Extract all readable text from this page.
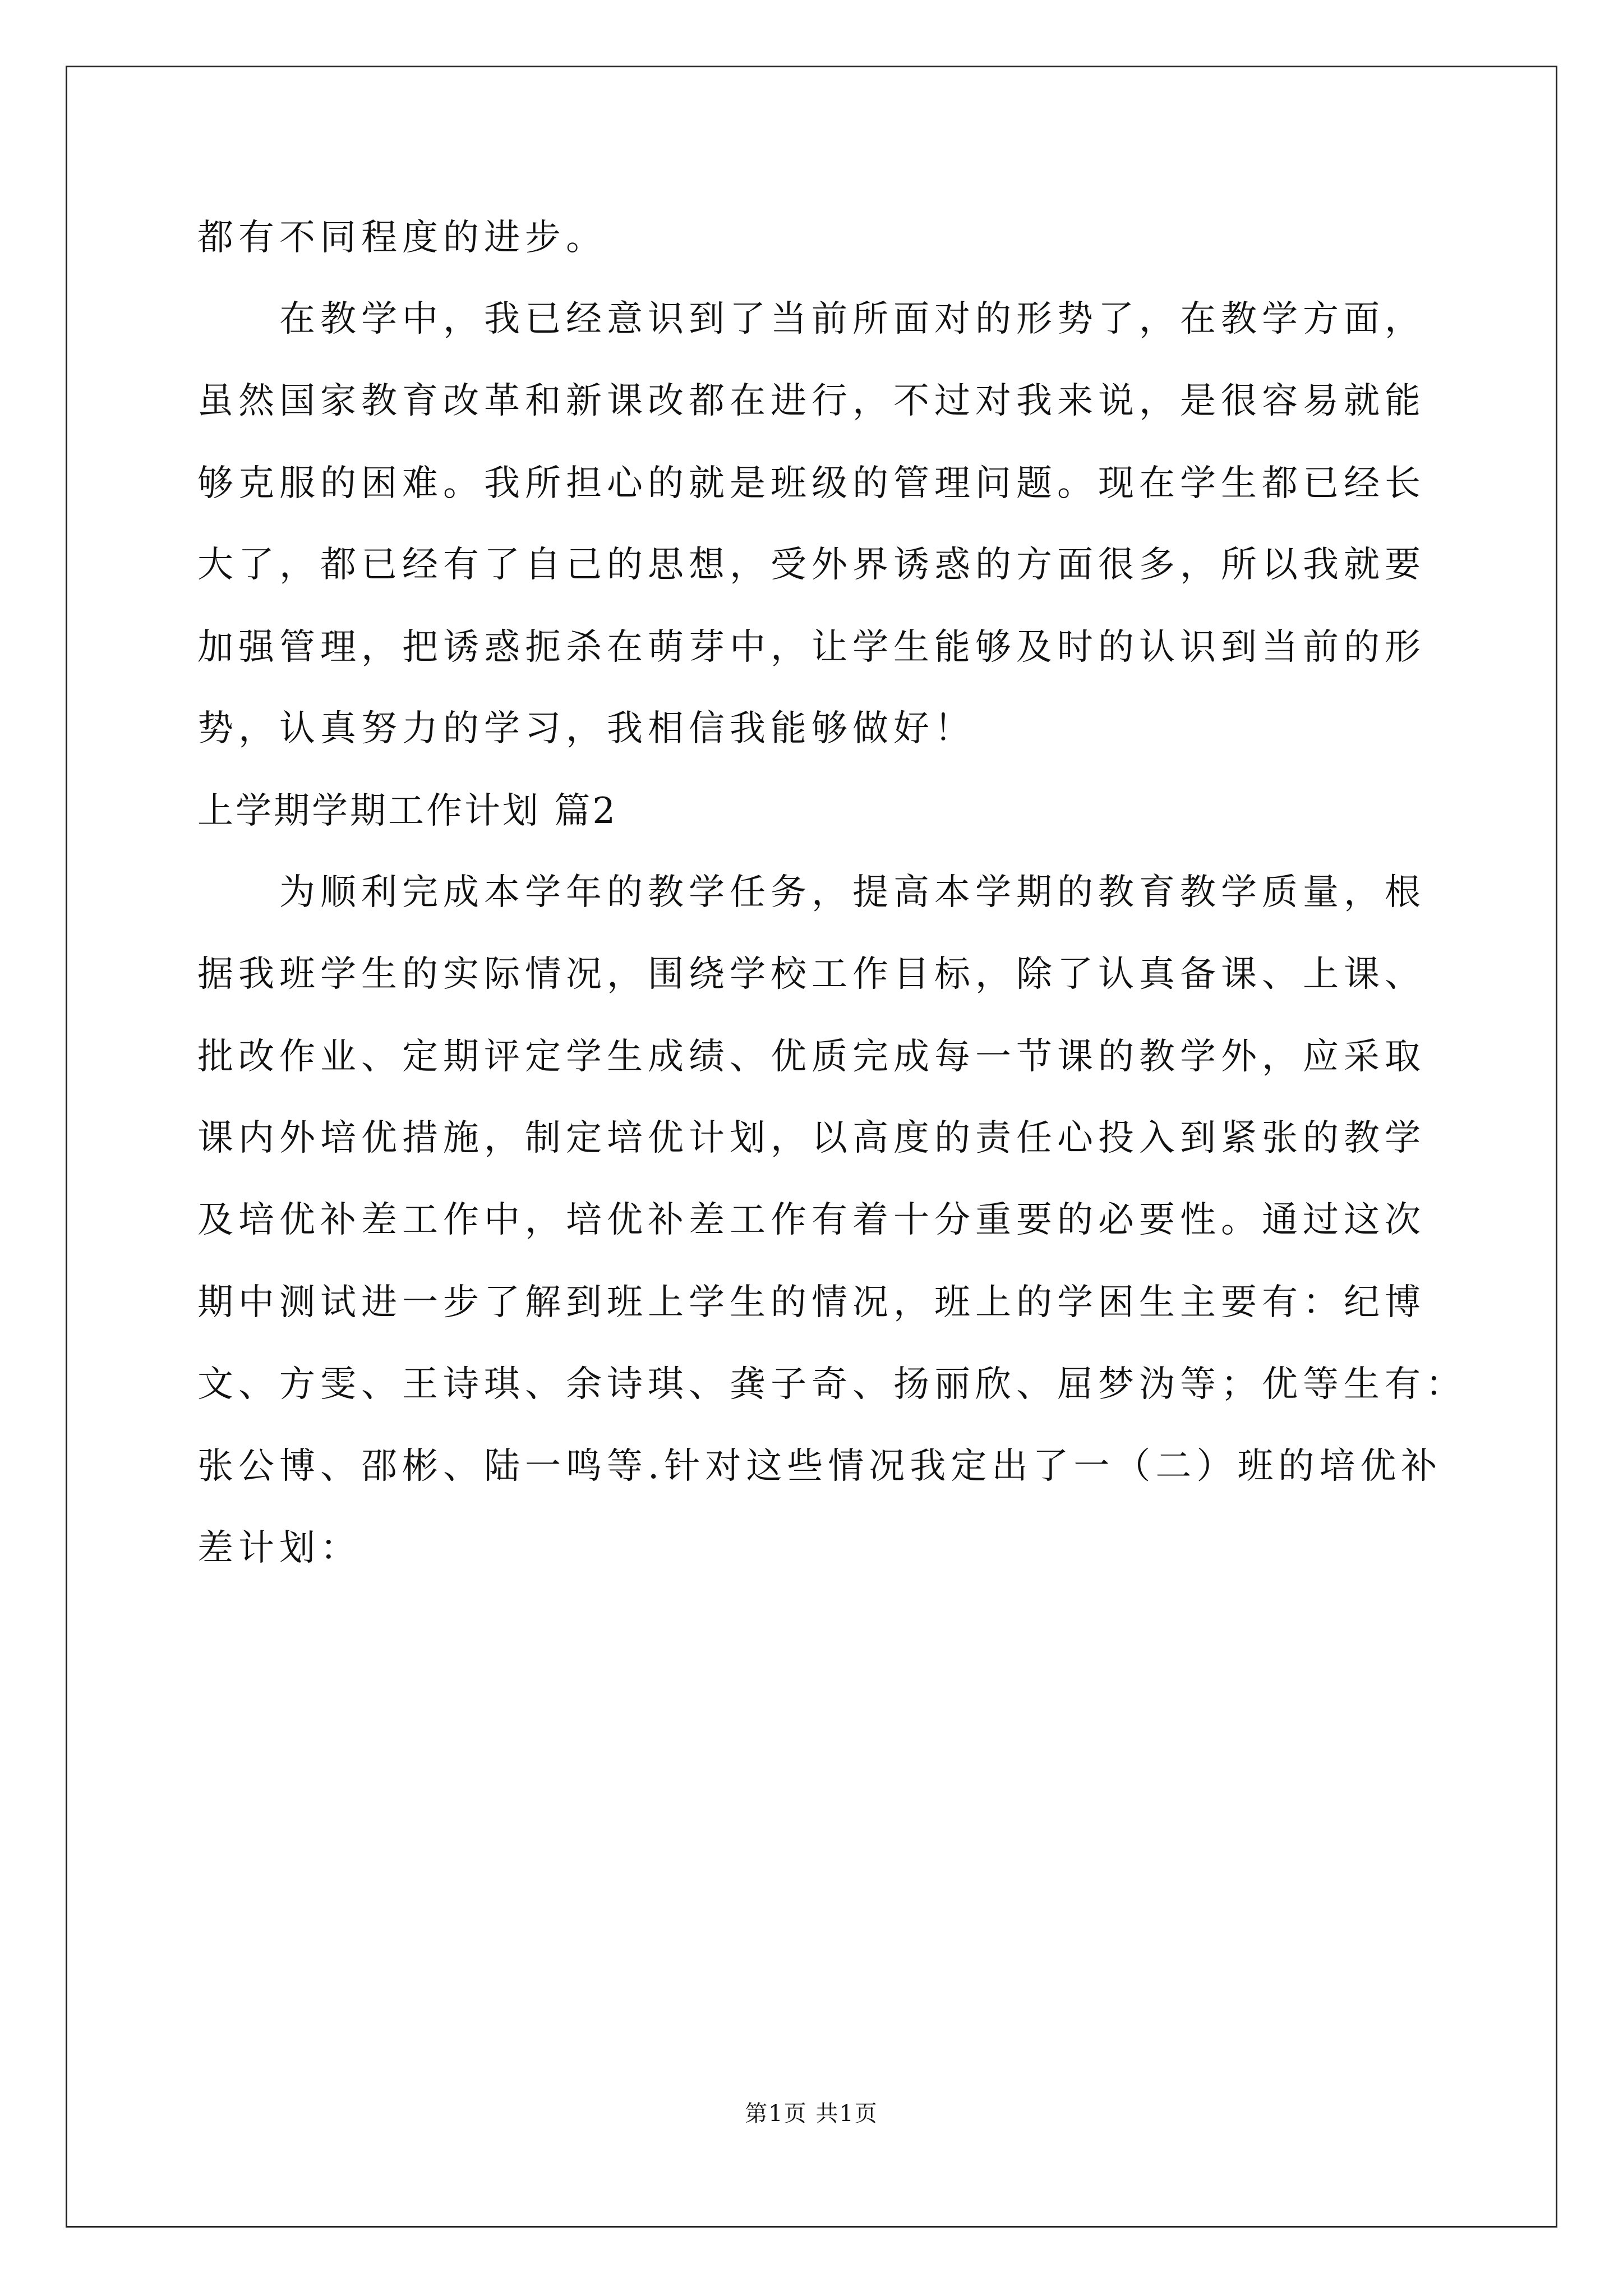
都有不同程度的进步。

在教学中，我已经意识到了当前所面对的形势了，在教学方面，

虽然国家教育改革和新课改都在进行，不过对我来说，是很容易就能

够克服的困难。我所担心的就是班级的管理问题。现在学生都已经长

大了，都已经有了自己的思想，受外界诱惑的方面很多，所以我就要

加强管理，把诱惑扼杀在萌芽中，让学生能够及时的认识到当前的形

势，认真努力的学习，我相信我能够做好！

上学期学期工作计划 篇2

为顺利完成本学年的教学任务，提高本学期的教育教学质量，根

据我班学生的实际情况，围绕学校工作目标，除了认真备课、上课、

批改作业、定期评定学生成绩、优质完成每一节课的教学外，应采取

课内外培优措施，制定培优计划，以高度的责任心投入到紧张的教学

及培优补差工作中，培优补差工作有着十分重要的必要性。通过这次

期中测试进一步了解到班上学生的情况，班上的学困生主要有：纪博

文、方雯、王诗琪、余诗琪、龚子奇、扬丽欣、屈梦沩等；优等生有：

张公博、邵彬、陆一鸣等.针对这些情况我定出了一（二）班的培优补

差计划：

第1页 共1页
